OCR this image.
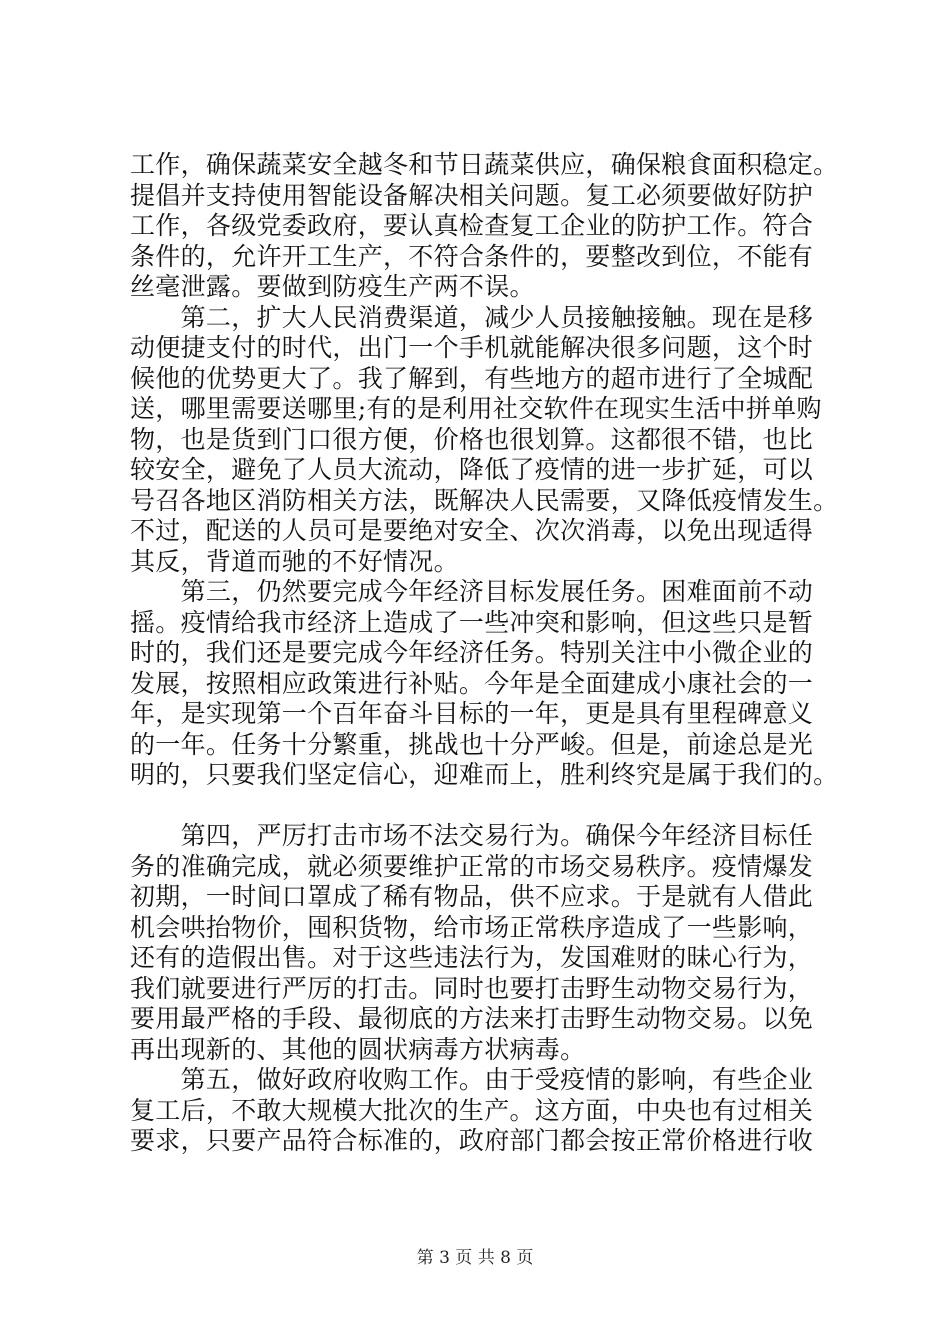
工作，确保蔬菜安全越冬和节日蔬菜供应，确保粮食面积稳定。
提倡并支持使用智能设备解决相关问题。复工必须要做好防护
工作，各级党委政府，要认真检查复工企业的防护工作。符合
条件的，允许开工生产，不符合条件的，要整改到位，不能有
丝毫泄露。要做到防疫生产两不误。
　　第二，扩大人民消费渠道，减少人员接触接触。现在是移
动便捷支付的时代，出门一个手机就能解决很多问题，这个时
候他的优势更大了。我了解到，有些地方的超市进行了全城配
送，哪里需要送哪里;有的是利用社交软件在现实生活中拼单购
物，也是货到门口很方便，价格也很划算。这都很不错，也比
较安全，避免了人员大流动，降低了疫情的进一步扩延，可以
号召各地区消防相关方法，既解决人民需要，又降低疫情发生。
不过，配送的人员可是要绝对安全、次次消毒，以免出现适得
其反，背道而驰的不好情况。
　　第三，仍然要完成今年经济目标发展任务。困难面前不动
摇。疫情给我市经济上造成了一些冲突和影响，但这些只是暂
时的，我们还是要完成今年经济任务。特别关注中小微企业的
发展，按照相应政策进行补贴。今年是全面建成小康社会的一
年，是实现第一个百年奋斗目标的一年，更是具有里程碑意义
的一年。任务十分繁重，挑战也十分严峻。但是，前途总是光
明的，只要我们坚定信心，迎难而上，胜利终究是属于我们的。
　　第四，严厉打击市场不法交易行为。确保今年经济目标任
务的准确完成，就必须要维护正常的市场交易秩序。疫情爆发
初期，一时间口罩成了稀有物品，供不应求。于是就有人借此
机会哄抬物价，囤积货物，给市场正常秩序造成了一些影响，
还有的造假出售。对于这些违法行为，发国难财的昧心行为，
我们就要进行严厉的打击。同时也要打击野生动物交易行为，
要用最严格的手段、最彻底的方法来打击野生动物交易。以免
再出现新的、其他的圆状病毒方状病毒。
　　第五，做好政府收购工作。由于受疫情的影响，有些企业
复工后，不敢大规模大批次的生产。这方面，中央也有过相关
要求，只要产品符合标准的，政府部门都会按正常价格进行收
第 3 页 共 8 页
